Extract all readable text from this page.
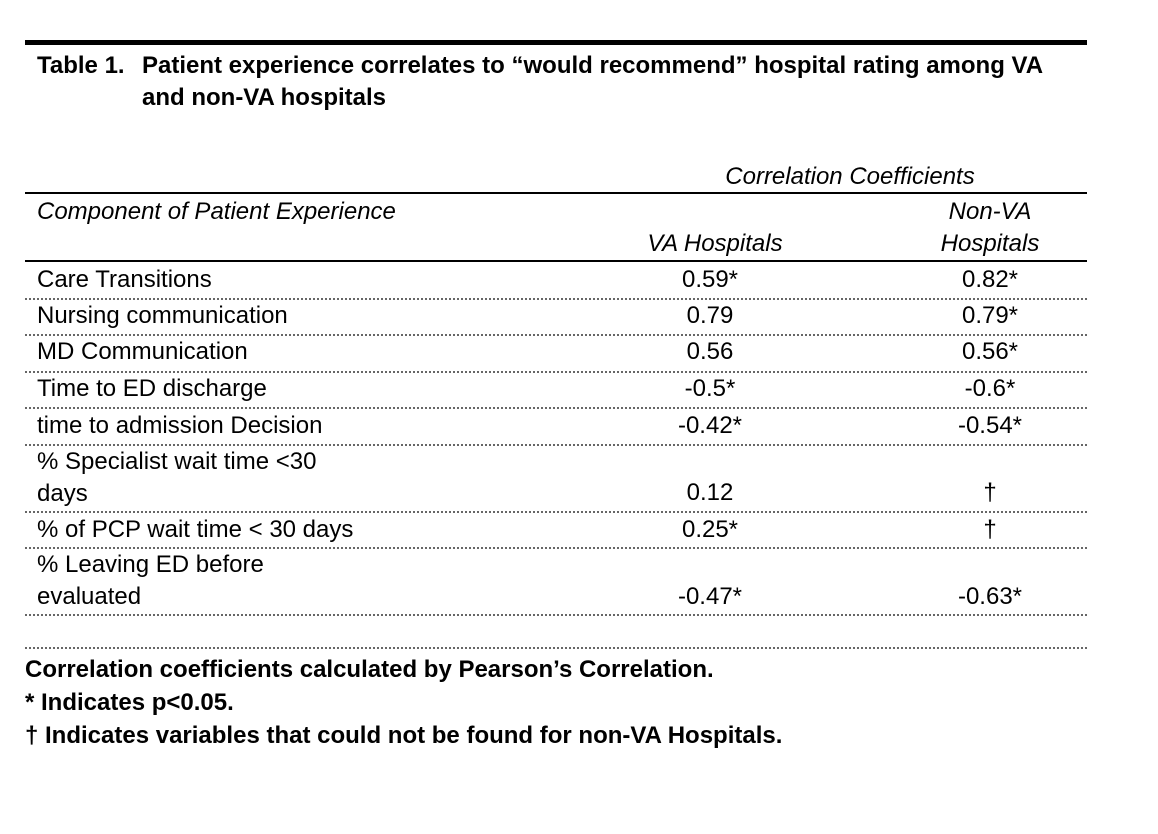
Table 1. Patient experience correlates to “would recommend” hospital rating among VA and non-VA hospitals
Correlation Coefficients
Component of Patient Experience
VA Hospitals
Non-VA Hospitals
Care Transitions	0.59*	0.82*
Nursing communication	0.79	0.79*
MD Communication	0.56	0.56*
Time to ED discharge	-0.5*	-0.6*
time to admission Decision	-0.42*	-0.54*
% Specialist wait time <30 days	0.12	†
% of PCP wait time < 30 days	0.25*	†
% Leaving ED before evaluated	-0.47*	-0.63*
Correlation coefficients calculated by Pearson’s Correlation.
* Indicates p<0.05.
† Indicates variables that could not be found for non-VA Hospitals.
